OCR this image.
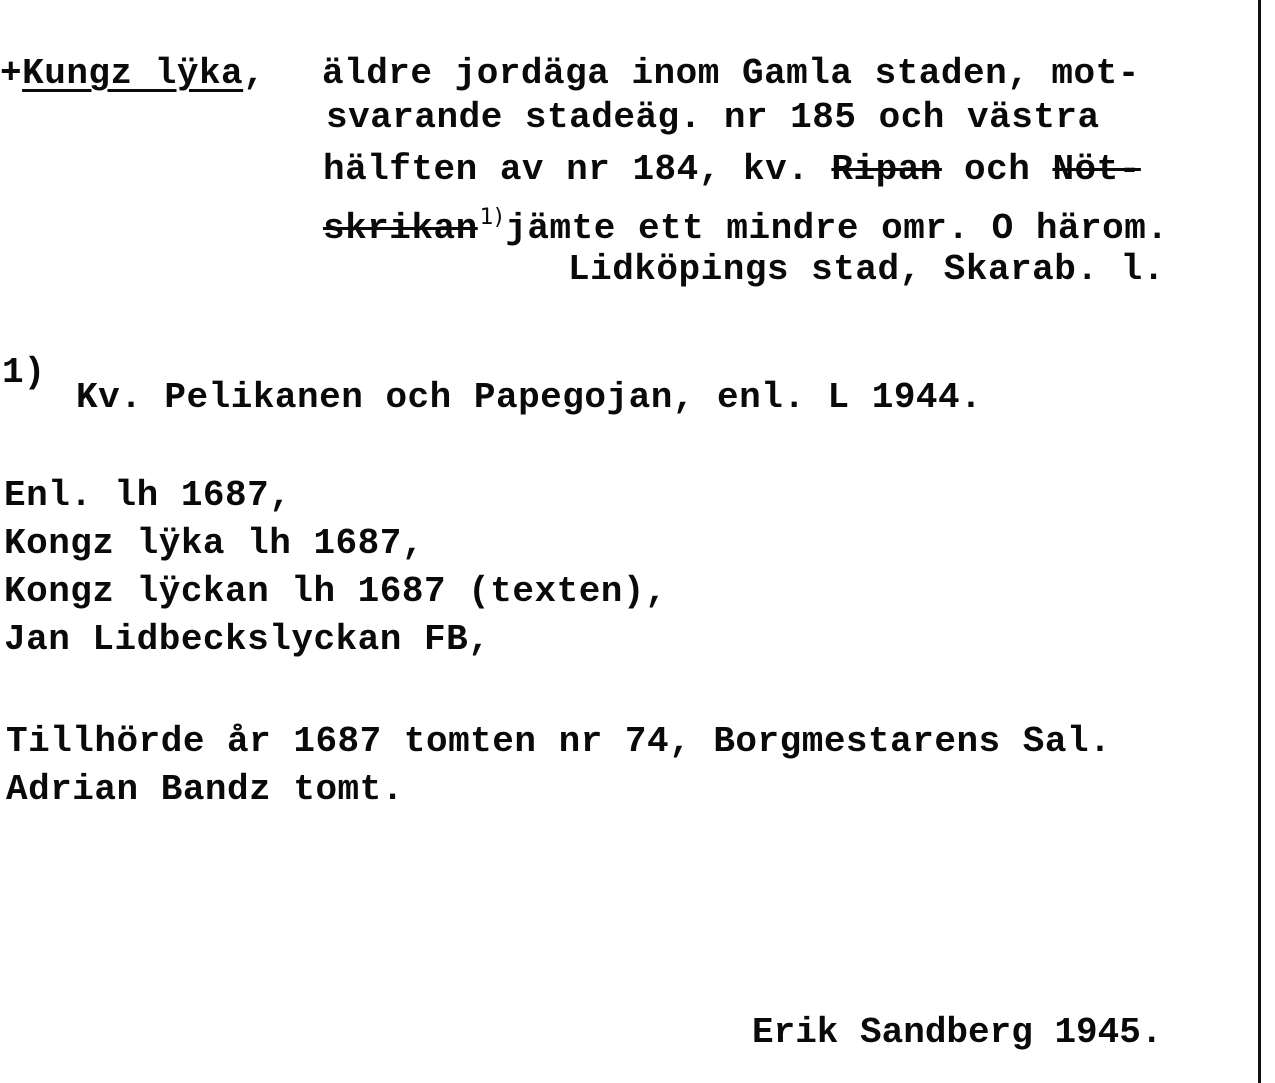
+Kungz lÿka, äldre jordäga inom Gamla staden, mot-
svarande stadeäg. nr 185 och västra
hälften av nr 184, kv. Ripan och Nöt-
skrikan$^{1)}$jämte ett mindre omr. O härom.
Lidköpings stad, Skarab. l.
1)
Kv. Pelikanen och Papegojan, enl. L 1944.
Enl. lh 1687,
Kongz lÿka lh 1687,
Kongz lÿckan lh 1687 (texten),
Jan Lidbeckslyckan FB,
Tillhörde år 1687 tomten nr 74, Borgmestarens Sal.
Adrian Bandz tomt.
Erik Sandberg 1945.
